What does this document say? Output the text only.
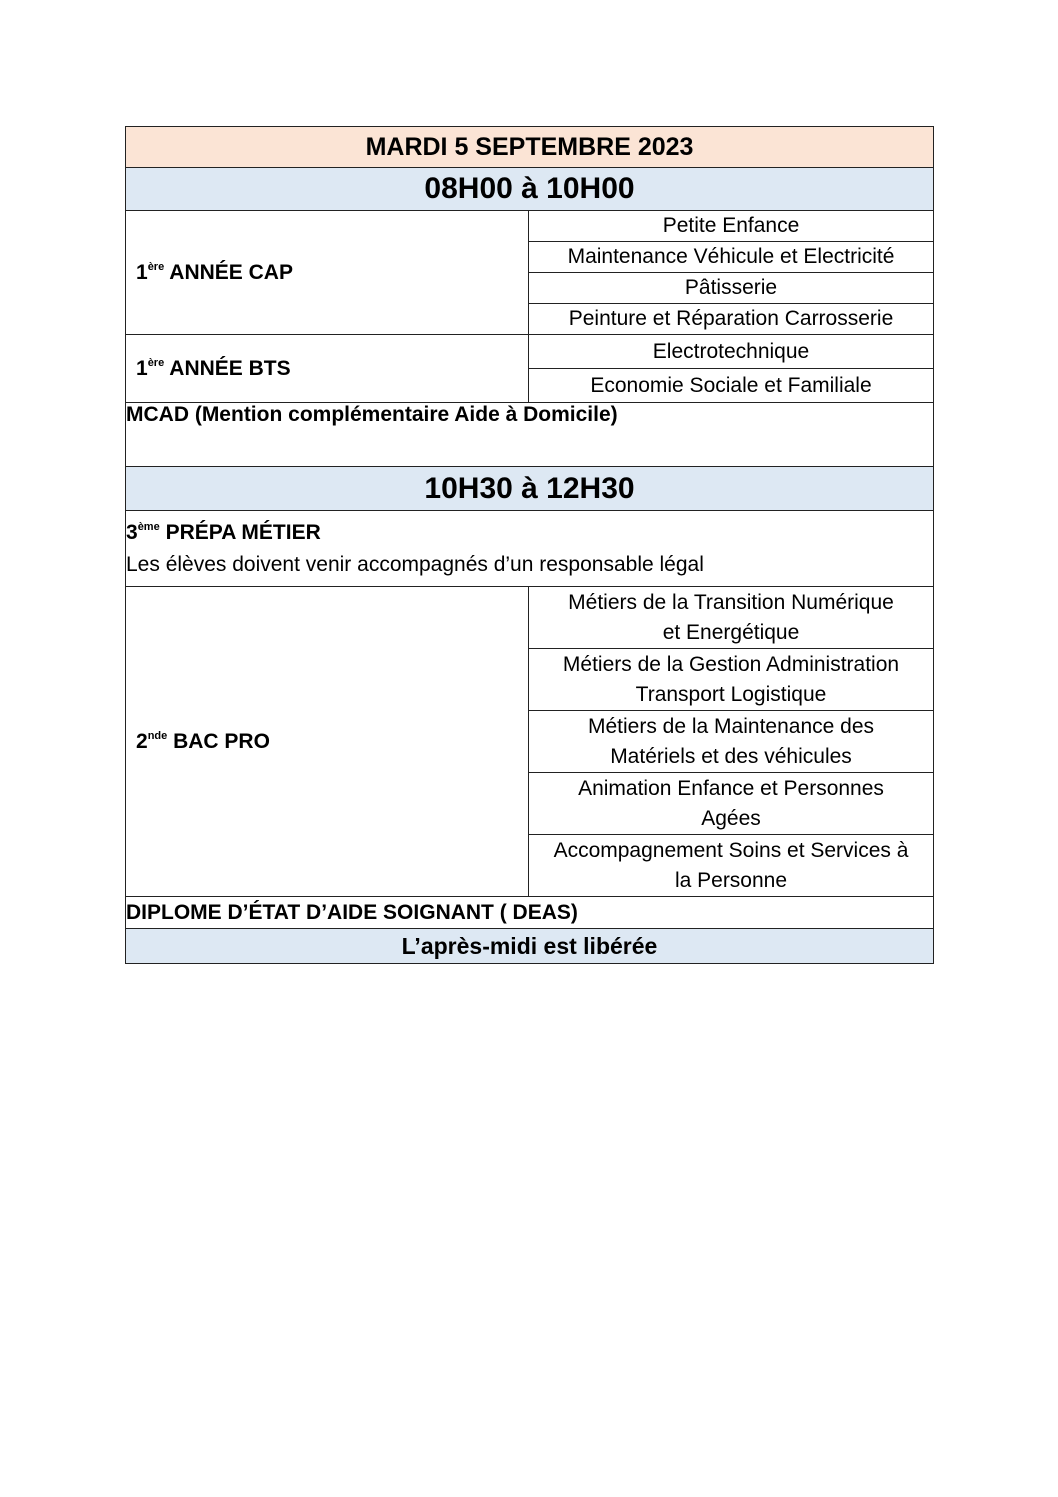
MARDI 5 SEPTEMBRE 2023	
08H00 à 10H00	
1ère ANNÉE CAP	Petite Enfance
	Maintenance Véhicule et Electricité
	Pâtisserie
	Peinture et Réparation Carrosserie
1ère ANNÉE BTS	Electrotechnique
	Economie Sociale et Familiale
MCAD (Mention complémentaire Aide à Domicile)	
10H30 à 12H30	

3ème PRÉPA MÉTIER
Les élèves doivent venir accompagnés d’un responsable légal	

2nde BAC PRO	Métiers de la Transition Numérique
et Energétique

	Métiers de la Gestion Administration
Transport Logistique

	Métiers de la Maintenance des
Matériels et des véhicules

	Animation Enfance et Personnes
Agées

	Accompagnement Soins et Services à
la Personne

DIPLOME D’ÉTAT D’AIDE SOIGNANT ( DEAS)	
L’après-midi est libérée	
